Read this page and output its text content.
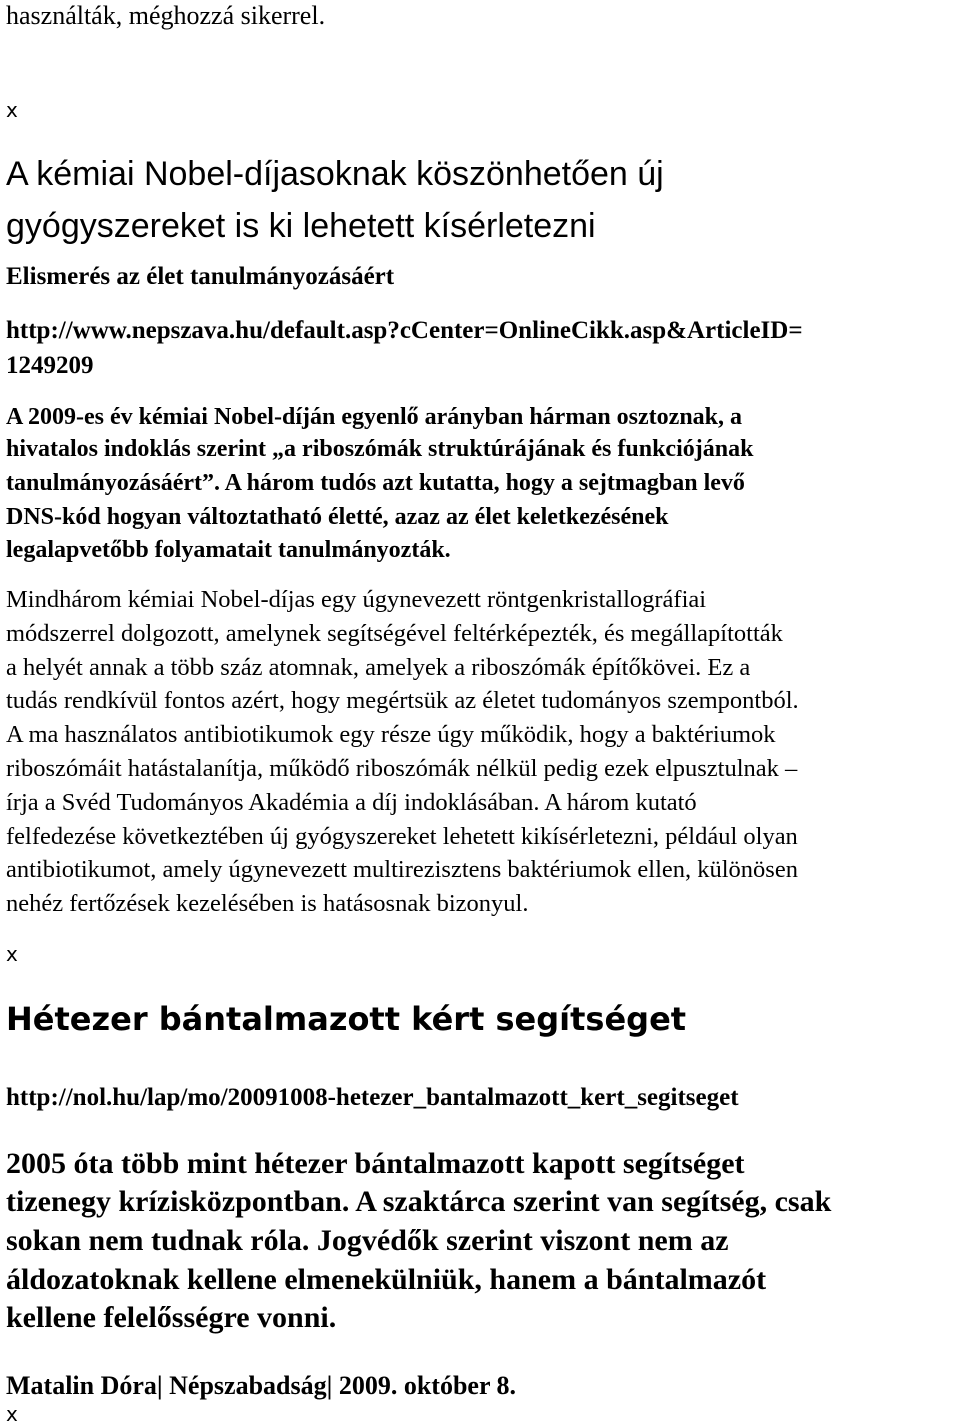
használták, méghozzá sikerrel.
x
A kémiai Nobel-díjasoknak köszönhetően új
gyógyszereket is ki lehetett kísérletezni
Elismerés az élet tanulmányozásáért
http://www.nepszava.hu/default.asp?cCenter=OnlineCikk.asp&ArticleID=
1249209
A 2009-es év kémiai Nobel-díján egyenlő arányban hárman osztoznak, a
hivatalos indoklás szerint „a riboszómák struktúrájának és funkciójának
tanulmányozásáért”. A három tudós azt kutatta, hogy a sejtmagban levő
DNS-kód hogyan változtatható életté, azaz az élet keletkezésének
legalapvetőbb folyamatait tanulmányozták.
Mindhárom kémiai Nobel-díjas egy úgynevezett röntgenkristallográfiai
módszerrel dolgozott, amelynek segítségével feltérképezték, és megállapították
a helyét annak a több száz atomnak, amelyek a riboszómák építőkövei. Ez a
tudás rendkívül fontos azért, hogy megértsük az életet tudományos szempontból.
A ma használatos antibiotikumok egy része úgy működik, hogy a baktériumok
riboszómáit hatástalanítja, működő riboszómák nélkül pedig ezek elpusztulnak –
írja a Svéd Tudományos Akadémia a díj indoklásában. A három kutató
felfedezése következtében új gyógyszereket lehetett kikísérletezni, például olyan
antibiotikumot, amely úgynevezett multirezisztens baktériumok ellen, különösen
nehéz fertőzések kezelésében is hatásosnak bizonyul.
x
Hétezer bántalmazott kért segítséget
http://nol.hu/lap/mo/20091008-hetezer_bantalmazott_kert_segitseget
2005 óta több mint hétezer bántalmazott kapott segítséget
tizenegy krízisközpontban. A szaktárca szerint van segítség, csak
sokan nem tudnak róla. Jogvédők szerint viszont nem az
áldozatoknak kellene elmenekülniük, hanem a bántalmazót
kellene felelősségre vonni.
Matalin Dóra| Népszabadság| 2009. október 8.
x
